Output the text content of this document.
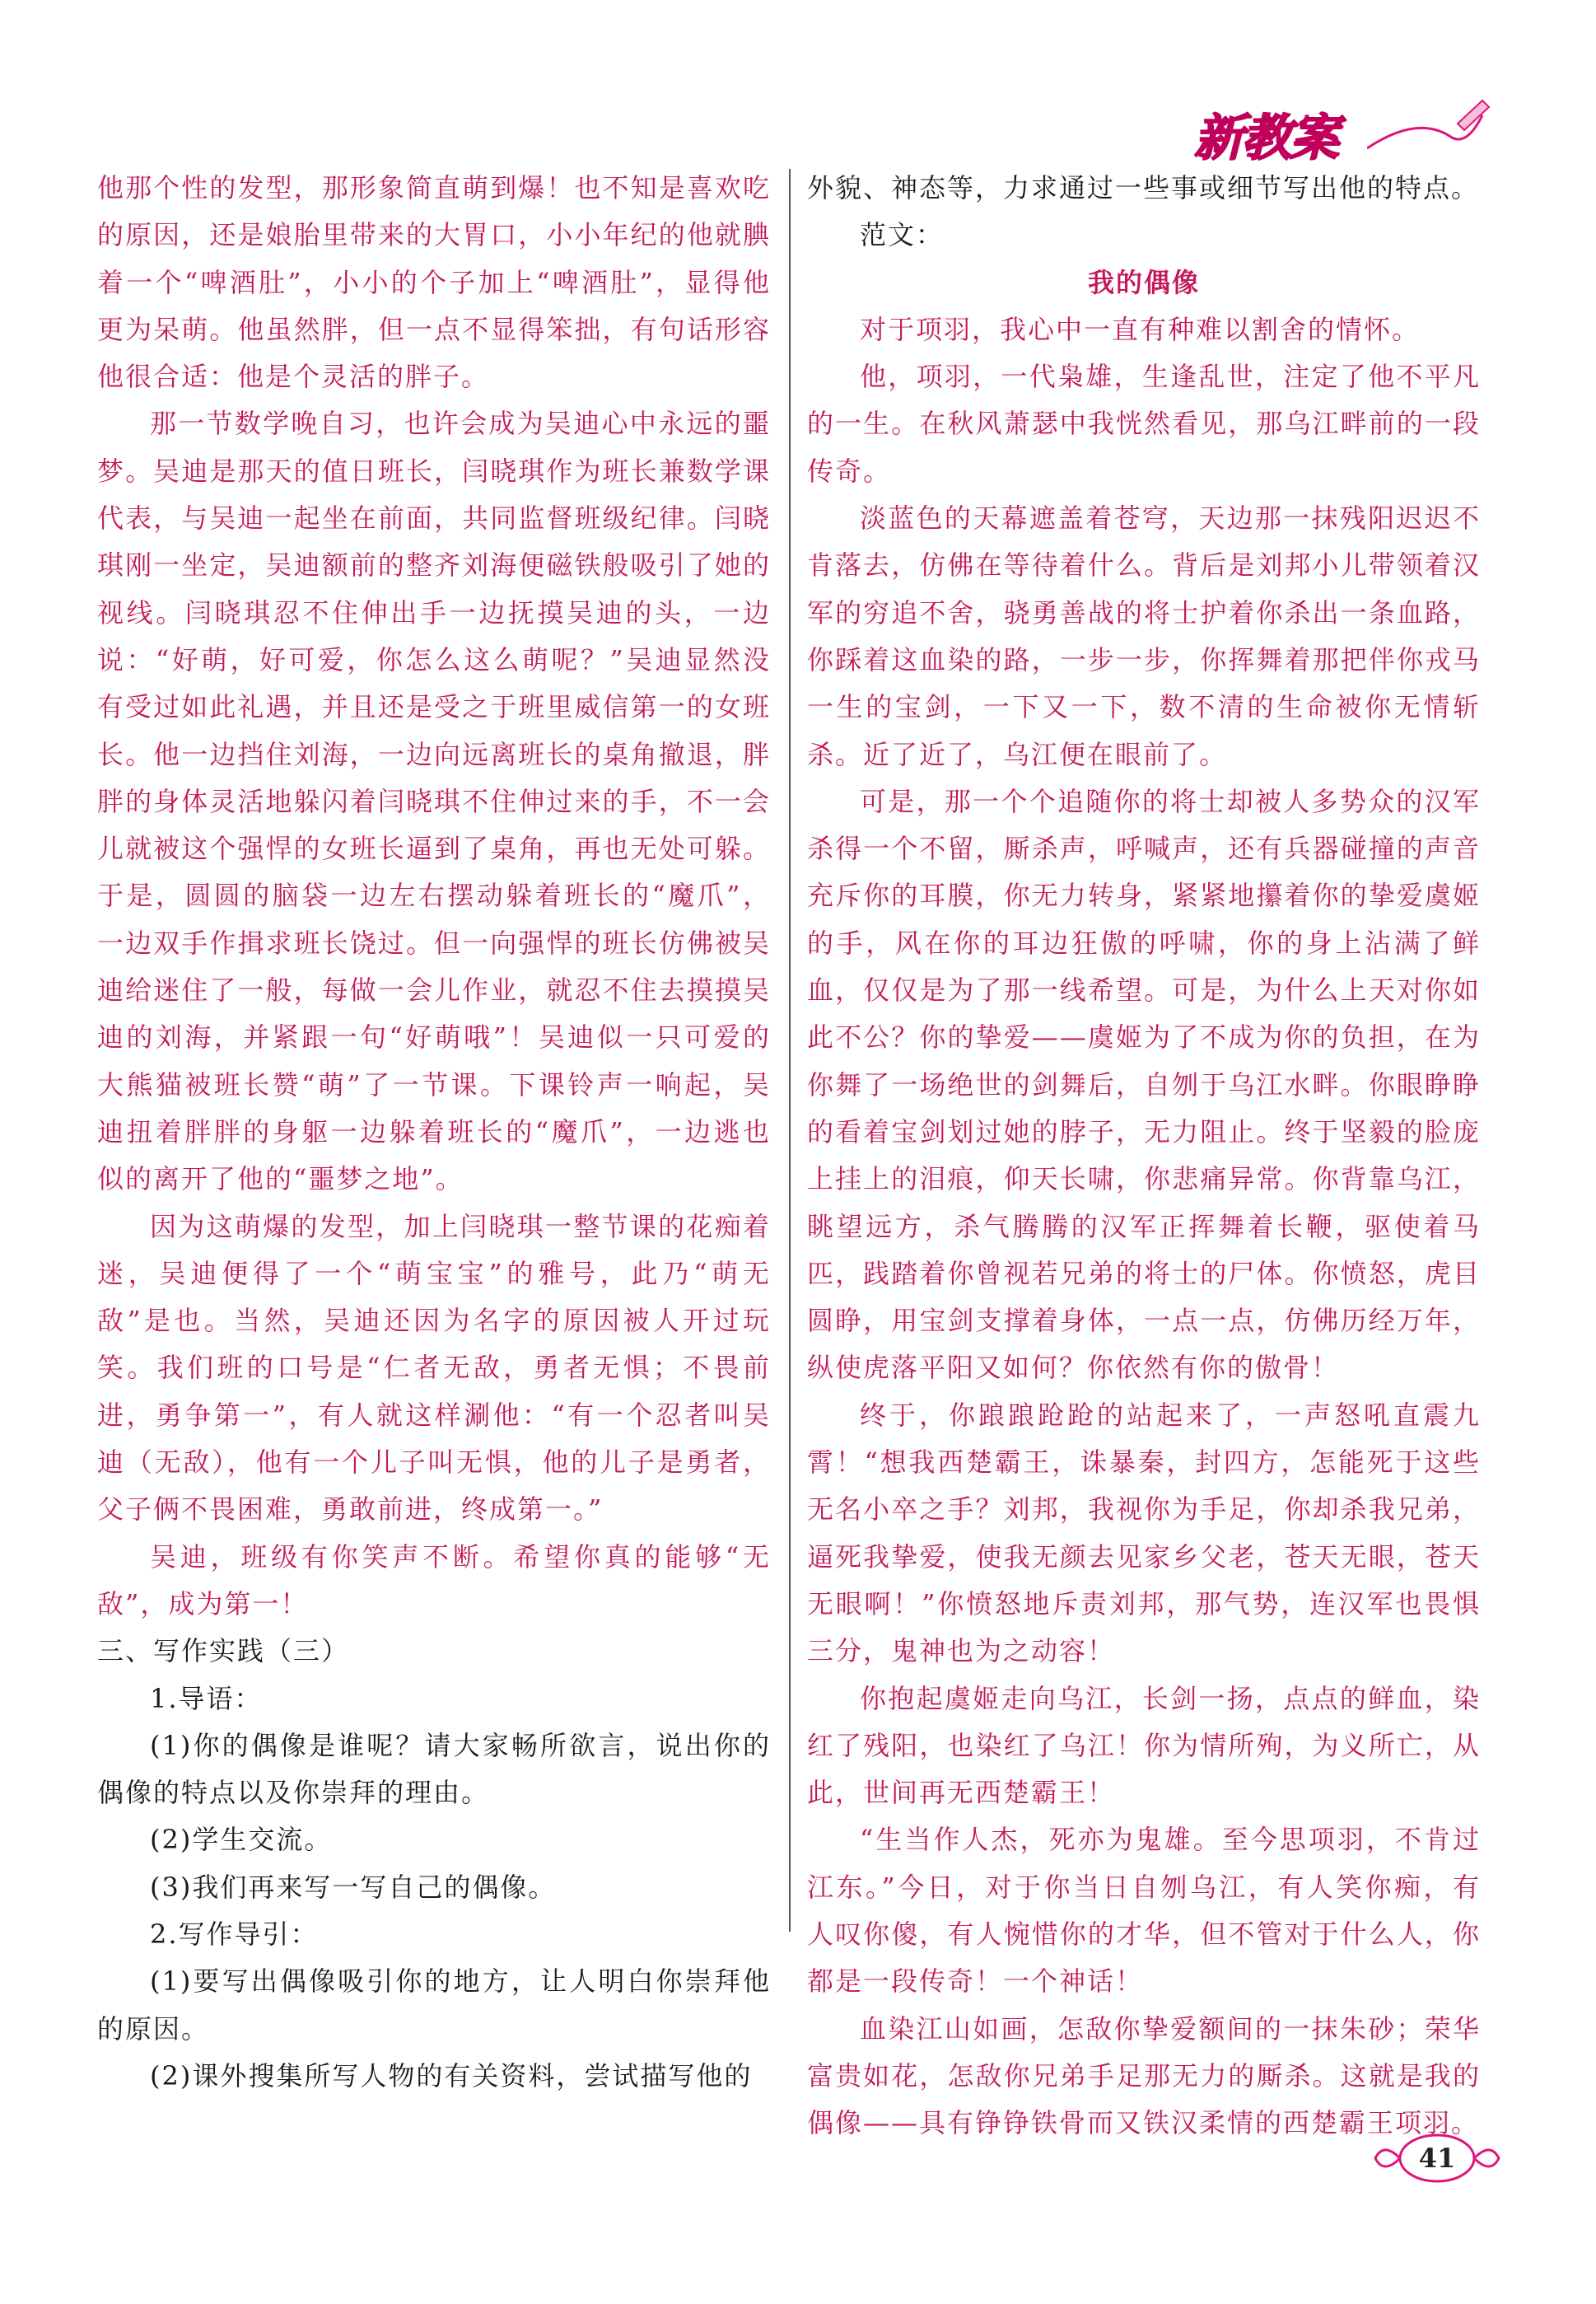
新教案

他那个性的发型，那形象简直萌到爆！也不知是喜欢吃的原因，还是娘胎里带来的大胃口，小小年纪的他就腆着一个“啤酒肚”，小小的个子加上“啤酒肚”，显得他更为呆萌。他虽然胖，但一点不显得笨拙，有句话形容他很合适：他是个灵活的胖子。

那一节数学晚自习，也许会成为吴迪心中永远的噩梦。吴迪是那天的值日班长，闫晓琪作为班长兼数学课代表，与吴迪一起坐在前面，共同监督班级纪律。闫晓琪刚一坐定，吴迪额前的整齐刘海便磁铁般吸引了她的视线。闫晓琪忍不住伸出手一边抚摸吴迪的头，一边说：“好萌，好可爱，你怎么这么萌呢？”吴迪显然没有受过如此礼遇，并且还是受之于班里威信第一的女班长。他一边挡住刘海，一边向远离班长的桌角撤退，胖胖的身体灵活地躲闪着闫晓琪不住伸过来的手，不一会儿就被这个强悍的女班长逼到了桌角，再也无处可躲。于是，圆圆的脑袋一边左右摆动躲着班长的“魔爪”，一边双手作揖求班长饶过。但一向强悍的班长仿佛被吴迪给迷住了一般，每做一会儿作业，就忍不住去摸摸吴迪的刘海，并紧跟一句“好萌哦”！吴迪似一只可爱的大熊猫被班长赞“萌”了一节课。下课铃声一响起，吴迪扭着胖胖的身躯一边躲着班长的“魔爪”，一边逃也似的离开了他的“噩梦之地”。

因为这萌爆的发型，加上闫晓琪一整节课的花痴着迷，吴迪便得了一个“萌宝宝”的雅号，此乃“萌无敌”是也。当然，吴迪还因为名字的原因被人开过玩笑。我们班的口号是“仁者无敌，勇者无惧；不畏前进，勇争第一”，有人就这样涮他：“有一个忍者叫吴迪（无敌），他有一个儿子叫无惧，他的儿子是勇者，父子俩不畏困难，勇敢前进，终成第一。”

吴迪，班级有你笑声不断。希望你真的能够“无敌”，成为第一！

三、写作实践（三）

1.导语：

(1)你的偶像是谁呢？请大家畅所欲言，说出你的偶像的特点以及你崇拜的理由。

(2)学生交流。

(3)我们再来写一写自己的偶像。

2.写作导引：

(1)要写出偶像吸引你的地方，让人明白你崇拜他的原因。

(2)课外搜集所写人物的有关资料，尝试描写他的

外貌、神态等，力求通过一些事或细节写出他的特点。

范文：

我的偶像

对于项羽，我心中一直有种难以割舍的情怀。

他，项羽，一代枭雄，生逢乱世，注定了他不平凡的一生。在秋风萧瑟中我恍然看见，那乌江畔前的一段传奇。

淡蓝色的天幕遮盖着苍穹，天边那一抹残阳迟迟不肯落去，仿佛在等待着什么。背后是刘邦小儿带领着汉军的穷追不舍，骁勇善战的将士护着你杀出一条血路，你踩着这血染的路，一步一步，你挥舞着那把伴你戎马一生的宝剑，一下又一下，数不清的生命被你无情斩杀。近了近了，乌江便在眼前了。

可是，那一个个追随你的将士却被人多势众的汉军杀得一个不留，厮杀声，呼喊声，还有兵器碰撞的声音充斥你的耳膜，你无力转身，紧紧地攥着你的挚爱虞姬的手，风在你的耳边狂傲的呼啸，你的身上沾满了鲜血，仅仅是为了那一线希望。可是，为什么上天对你如此不公？你的挚爱——虞姬为了不成为你的负担，在为你舞了一场绝世的剑舞后，自刎于乌江水畔。你眼睁睁的看着宝剑划过她的脖子，无力阻止。终于坚毅的脸庞上挂上的泪痕，仰天长啸，你悲痛异常。你背靠乌江，眺望远方，杀气腾腾的汉军正挥舞着长鞭，驱使着马匹，践踏着你曾视若兄弟的将士的尸体。你愤怒，虎目圆睁，用宝剑支撑着身体，一点一点，仿佛历经万年，纵使虎落平阳又如何？你依然有你的傲骨！

终于，你踉踉跄跄的站起来了，一声怒吼直震九霄！“想我西楚霸王，诛暴秦，封四方，怎能死于这些无名小卒之手？刘邦，我视你为手足，你却杀我兄弟，逼死我挚爱，使我无颜去见家乡父老，苍天无眼，苍天无眼啊！”你愤怒地斥责刘邦，那气势，连汉军也畏惧三分，鬼神也为之动容！

你抱起虞姬走向乌江，长剑一扬，点点的鲜血，染红了残阳，也染红了乌江！你为情所殉，为义所亡，从此，世间再无西楚霸王！

“生当作人杰，死亦为鬼雄。至今思项羽，不肯过江东。”今日，对于你当日自刎乌江，有人笑你痴，有人叹你傻，有人惋惜你的才华，但不管对于什么人，你都是一段传奇！一个神话！

血染江山如画，怎敌你挚爱额间的一抹朱砂；荣华富贵如花，怎敌你兄弟手足那无力的厮杀。这就是我的偶像——具有铮铮铁骨而又铁汉柔情的西楚霸王项羽。

41
